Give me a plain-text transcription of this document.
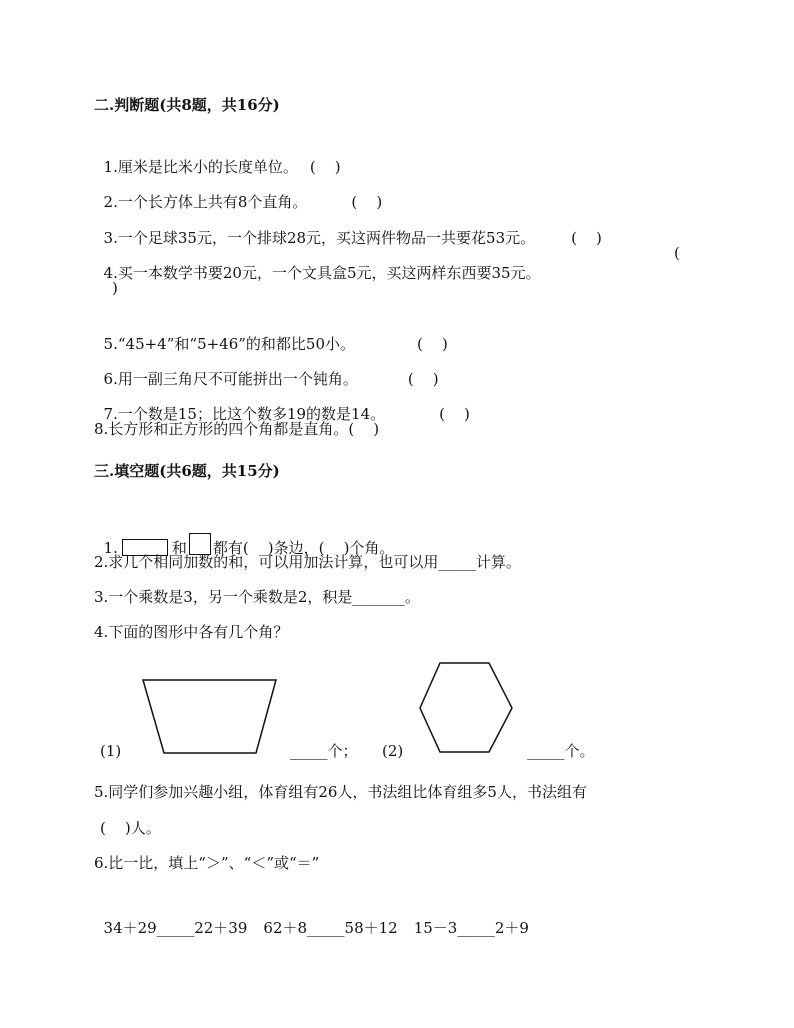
二.判断题(共8题，共16分)

1.厘米是比米小的长度单位。 (    )

2.一个长方体上共有8个直角。	(    )

3.一个足球35元，一个排球28元，买这两件物品一共要花53元。 (    )

4.买一本数学书要20元，一个文具盒5元，买这两样东西要35元。

(
)

5.“45+4”和“5+46”的和都比50小。	(    )

6.用一副三角尺不可能拼出一个钝角。	(    )

7.一个数是15；比这个数多19的数是14。	(    )

8.长方形和正方形的四个角都是直角。(    )
三.填空题(共6题，共15分)

1.	和 都有(    )条边，(    )个角。

2.求几个相同加数的和，可以用加法计算，也可以用_____计算。
3.一个乘数是3，另一个乘数是2，积是_______。
4.下面的图形中各有几个角？
(1)	_____个； (2)	_____个。
5.同学们参加兴趣小组，体育组有26人，书法组比体育组多5人，书法组有
(    )人。
6.比一比，填上“＞”、“＜”或“＝”

34＋29_____22＋39 62＋8_____58＋12 15－3_____2＋9
